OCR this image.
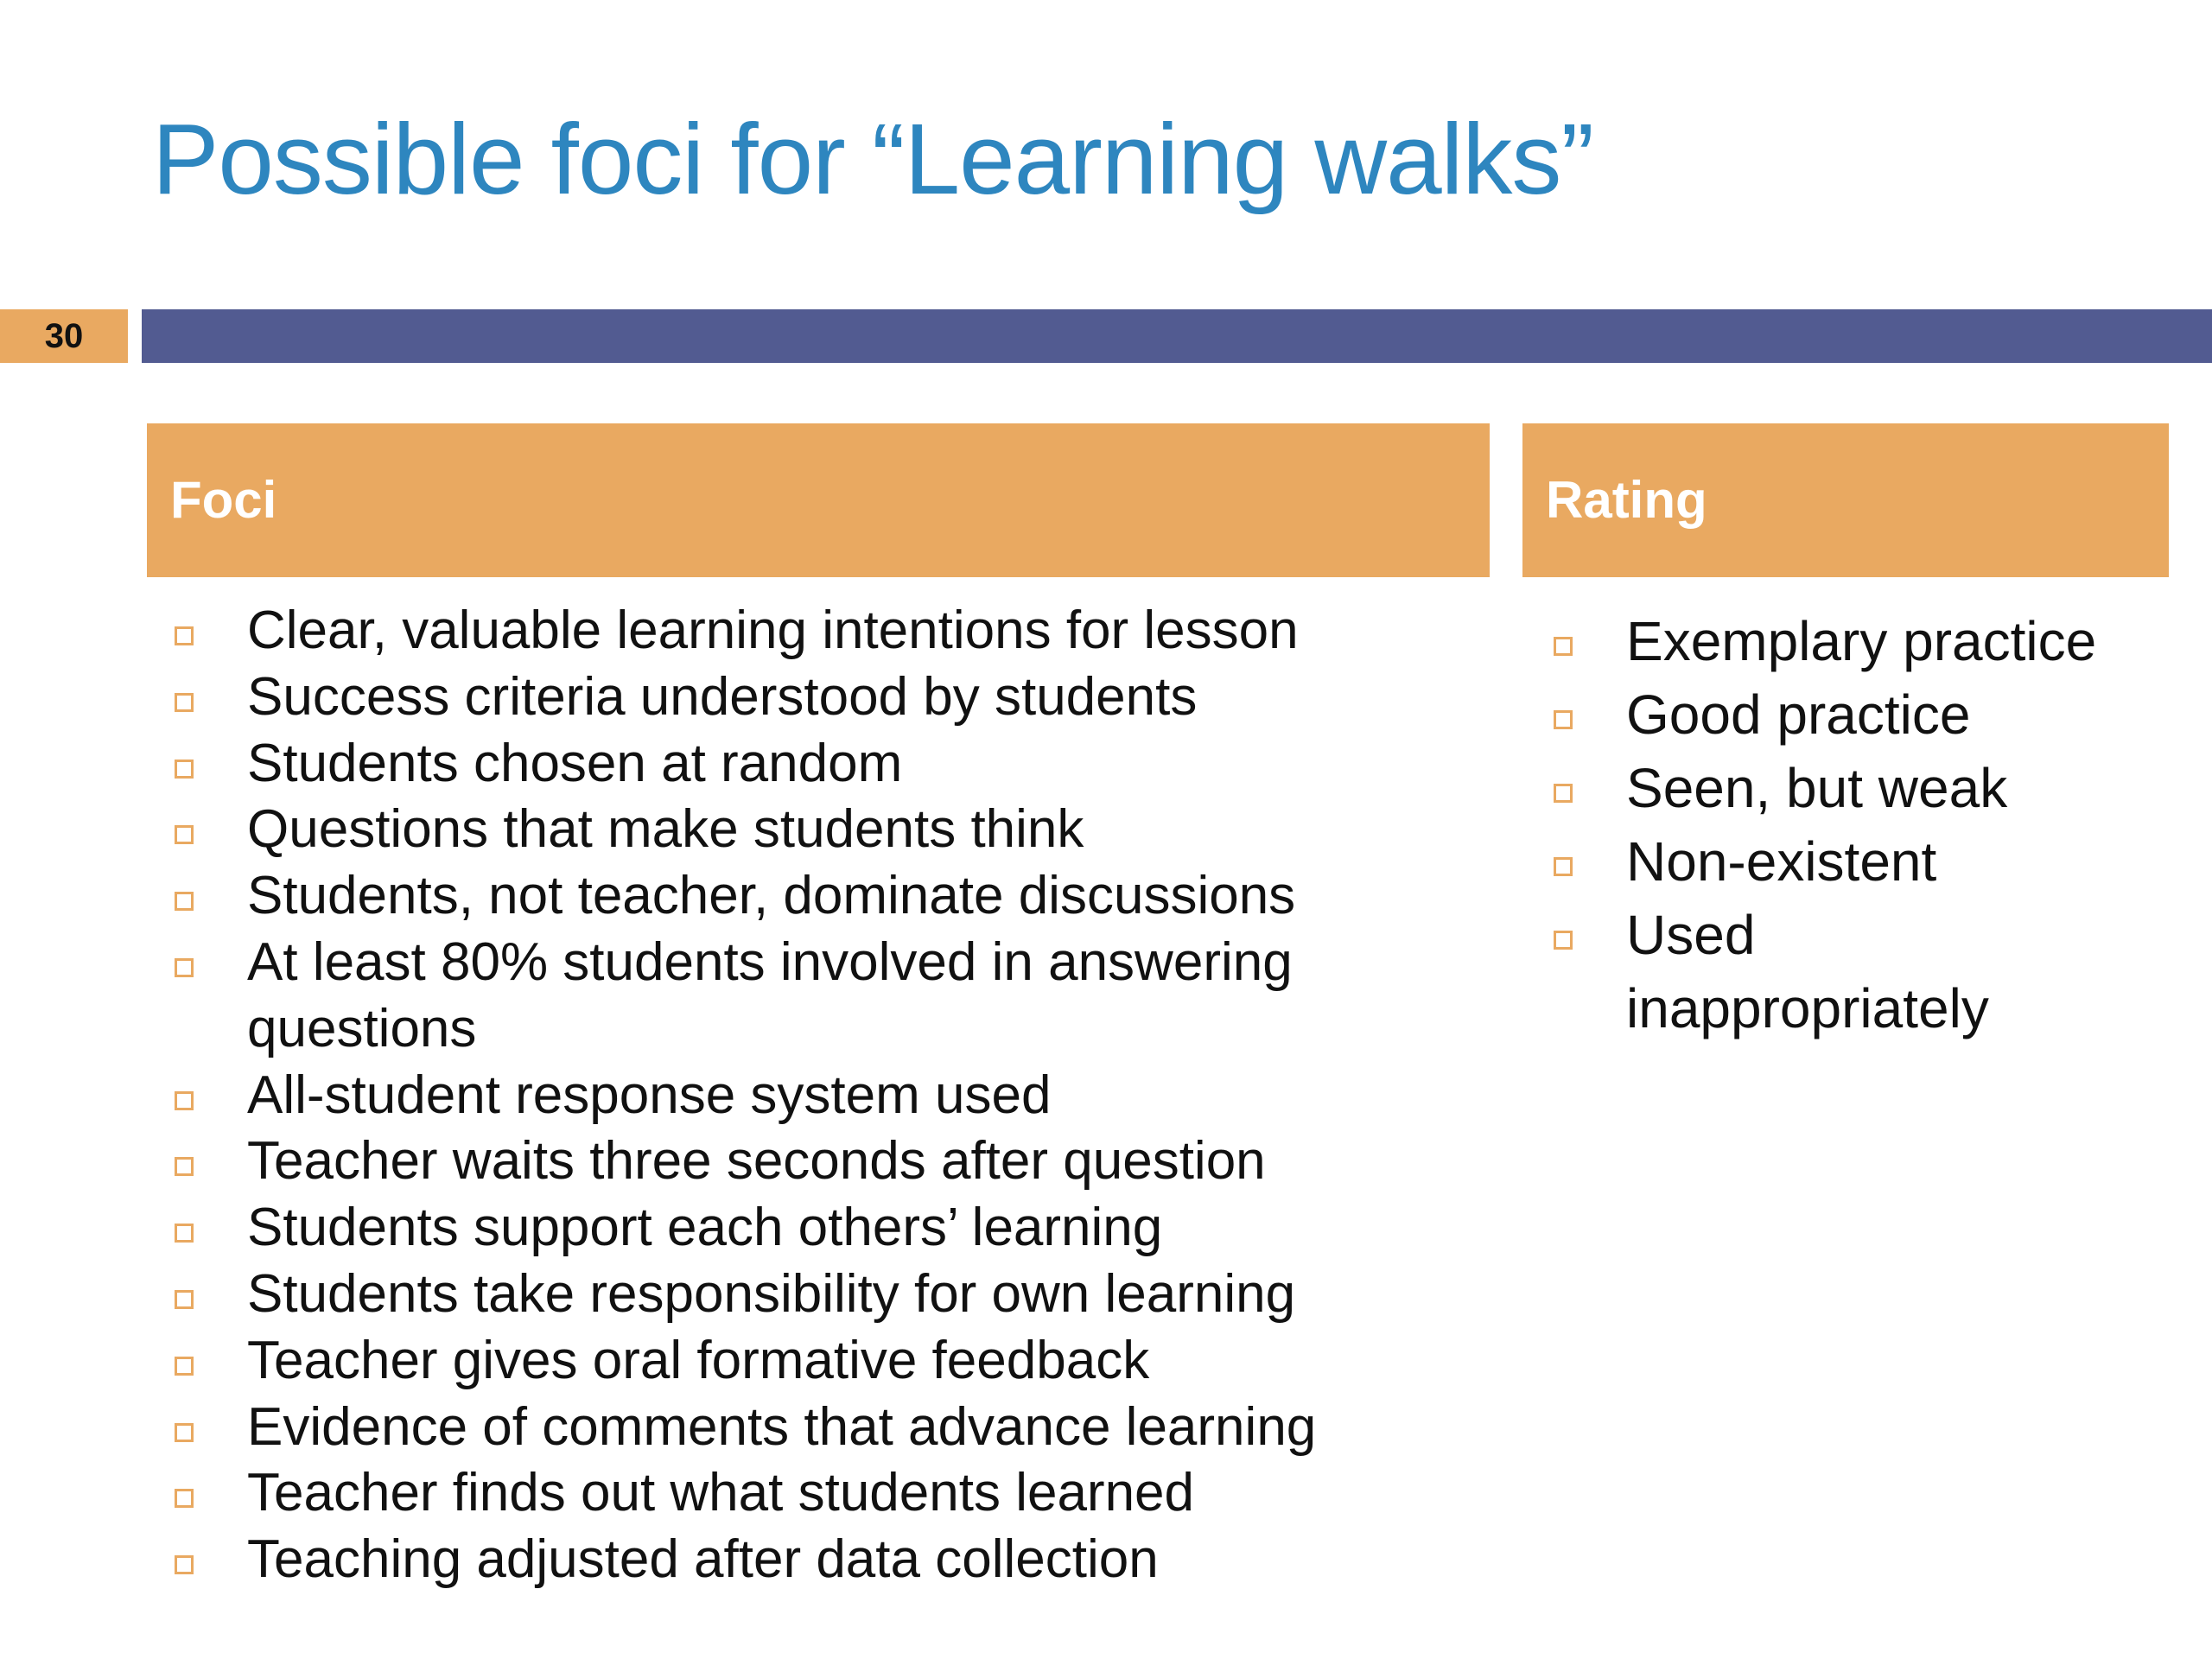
Possible foci for “Learning walks”
30
Foci	Rating
Clear, valuable learning intentions for lesson
Success criteria understood by students
Students chosen at random
Questions that make students think
Students, not teacher, dominate discussions
At least 80% students involved in answering
questions
All-student response system used
Teacher waits three seconds after question
Students support each others’ learning
Students take responsibility for own learning
Teacher gives oral formative feedback
Evidence of comments that advance learning
Teacher finds out what students learned
Teaching adjusted after data collection
Exemplary practice
Good practice
Seen, but weak
Non-existent
Used
inappropriately
